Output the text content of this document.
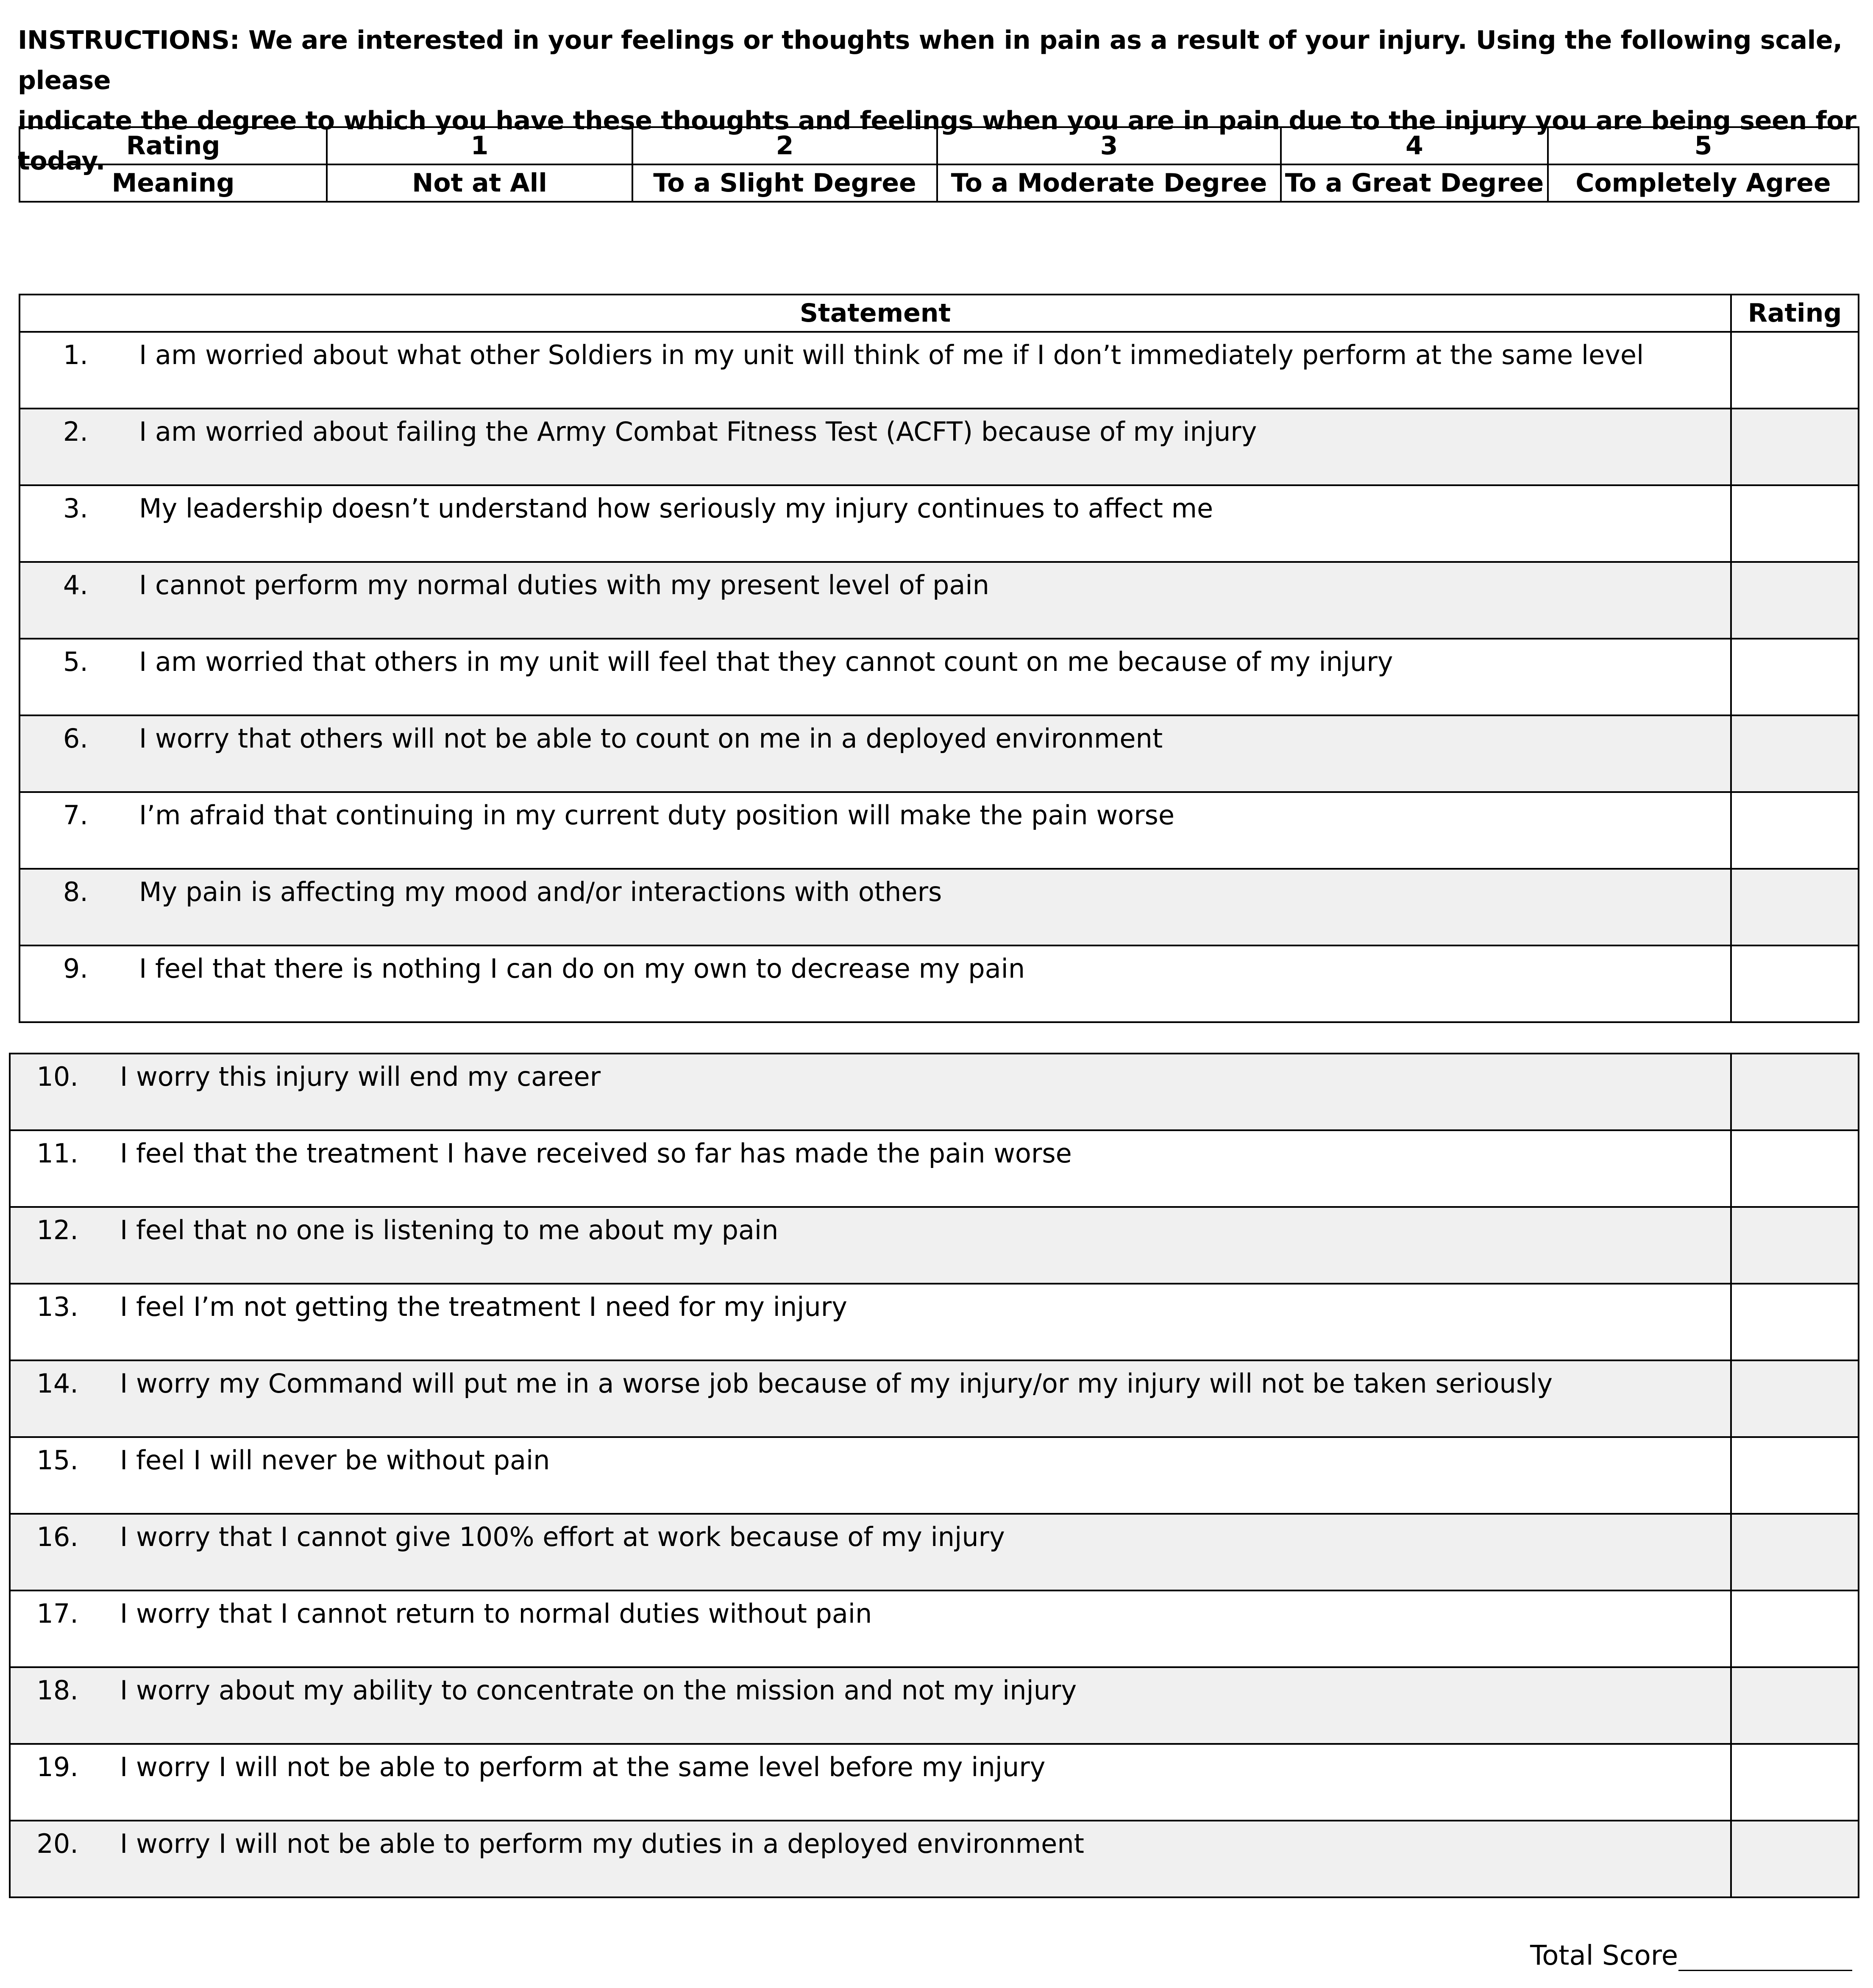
INSTRUCTIONS: We are interested in your feelings or thoughts when in pain as a result of your injury. Using the following scale, please
indicate the degree to which you have these thoughts and feelings when you are in pain due to the injury you are being seen for today.
Rating	1	2	3	4	5
Meaning	Not at All	To a Slight Degree	To a Moderate Degree	To a Great Degree	Completely Agree
Statement	Rating

1. I am worried about what other Soldiers in my unit will think of me if I don’t immediately perform at the same level	

2. I am worried about failing the Army Combat Fitness Test (ACFT) because of my injury	

3. My leadership doesn’t understand how seriously my injury continues to affect me	

4. I cannot perform my normal duties with my present level of pain	

5. I am worried that others in my unit will feel that they cannot count on me because of my injury	

6. I worry that others will not be able to count on me in a deployed environment	

7. I’m afraid that continuing in my current duty position will make the pain worse	

8. My pain is affecting my mood and/or interactions with others	

9. I feel that there is nothing I can do on my own to decrease my pain	

10. I worry this injury will end my career	

11. I feel that the treatment I have received so far has made the pain worse	

12. I feel that no one is listening to me about my pain	

13. I feel I’m not getting the treatment I need for my injury	

14. I worry my Command will put me in a worse job because of my injury/or my injury will not be taken seriously	

15. I feel I will never be without pain	

16. I worry that I cannot give 100% effort at work because of my injury	

17. I worry that I cannot return to normal duties without pain	

18. I worry about my ability to concentrate on the mission and not my injury	

19. I worry I will not be able to perform at the same level before my injury	

20. I worry I will not be able to perform my duties in a deployed environment	

Total Score
